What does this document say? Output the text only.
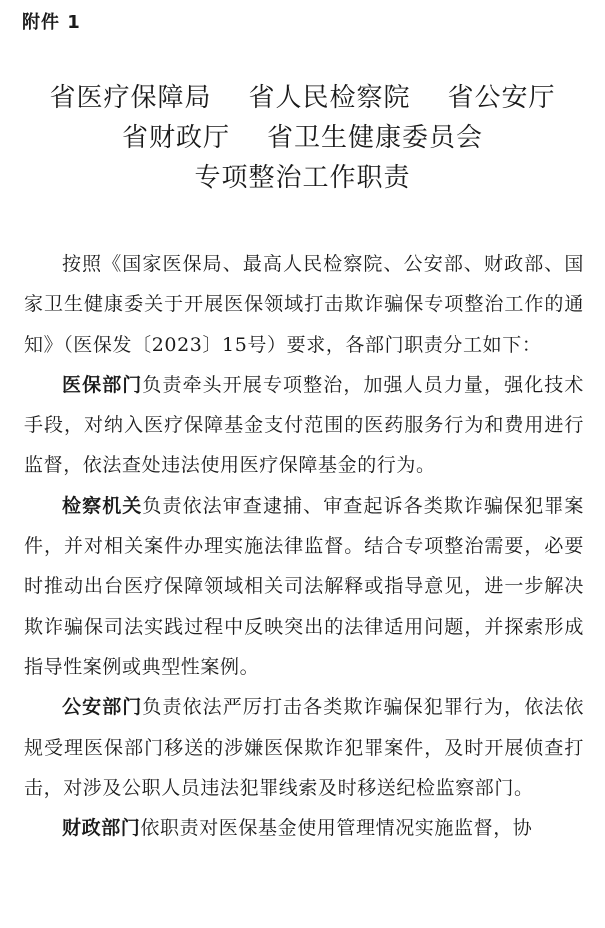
附件 1
省医疗保障局    省人民检察院    省公安厅
省财政厅    省卫生健康委员会
专项整治工作职责

按照《国家医保局、最高人民检察院、公安部、财政部、国家卫生健康委关于开展医保领域打击欺诈骗保专项整治工作的通知》（医保发〔2023〕15号）要求，各部门职责分工如下：

医保部门负责牵头开展专项整治，加强人员力量，强化技术手段，对纳入医疗保障基金支付范围的医药服务行为和费用进行监督，依法查处违法使用医疗保障基金的行为。

检察机关负责依法审查逮捕、审查起诉各类欺诈骗保犯罪案件，并对相关案件办理实施法律监督。结合专项整治需要，必要时推动出台医疗保障领域相关司法解释或指导意见，进一步解决欺诈骗保司法实践过程中反映突出的法律适用问题，并探索形成指导性案例或典型性案例。

公安部门负责依法严厉打击各类欺诈骗保犯罪行为，依法依规受理医保部门移送的涉嫌医保欺诈犯罪案件，及时开展侦查打击，对涉及公职人员违法犯罪线索及时移送纪检监察部门。

财政部门依职责对医保基金使用管理情况实施监督，协
